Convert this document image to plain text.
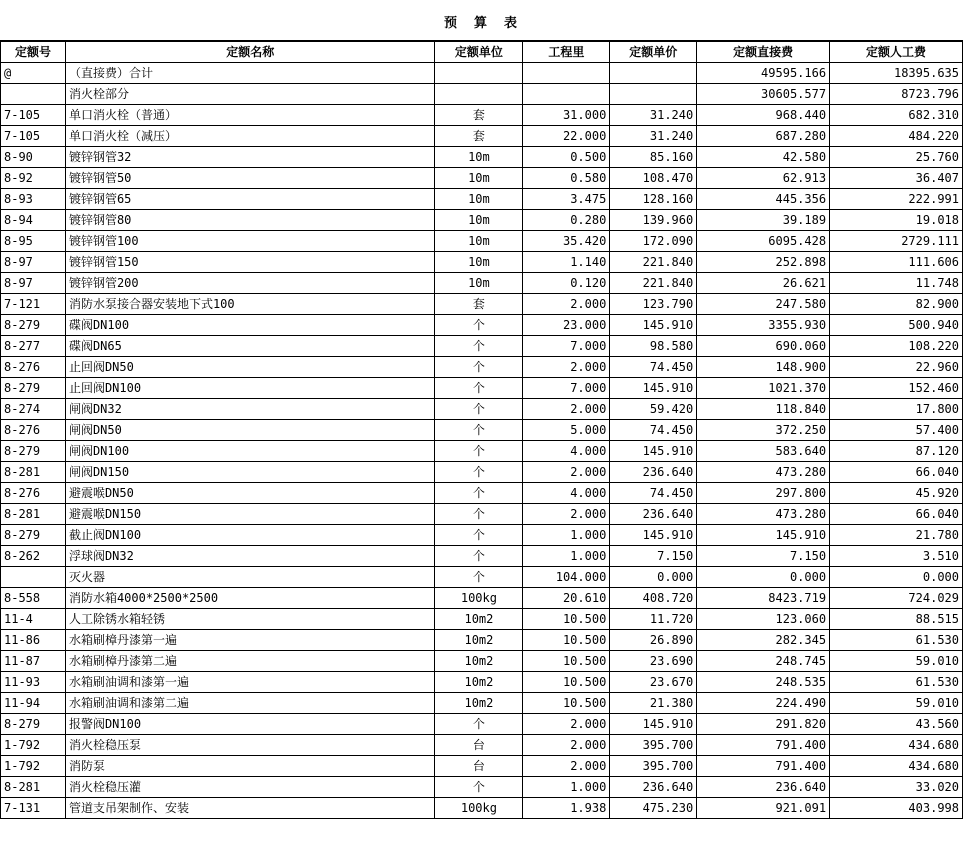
预　算　表
定额号	定额名称	定额单位	工程里	定额单价	定额直接费	定额人工费
@	（直接费）合计				49595.166	18395.635
	消火栓部分				30605.577	8723.796
7-105	单口消火栓（普通）	套	31.000	31.240	968.440	682.310
7-105	单口消火栓（减压）	套	22.000	31.240	687.280	484.220
8-90	镀锌钢管32	10m	0.500	85.160	42.580	25.760
8-92	镀锌钢管50	10m	0.580	108.470	62.913	36.407
8-93	镀锌钢管65	10m	3.475	128.160	445.356	222.991
8-94	镀锌钢管80	10m	0.280	139.960	39.189	19.018
8-95	镀锌钢管100	10m	35.420	172.090	6095.428	2729.111
8-97	镀锌钢管150	10m	1.140	221.840	252.898	111.606
8-97	镀锌钢管200	10m	0.120	221.840	26.621	11.748
7-121	消防水泵接合器安装地下式100	套	2.000	123.790	247.580	82.900
8-279	碟阀DN100	个	23.000	145.910	3355.930	500.940
8-277	碟阀DN65	个	7.000	98.580	690.060	108.220
8-276	止回阀DN50	个	2.000	74.450	148.900	22.960
8-279	止回阀DN100	个	7.000	145.910	1021.370	152.460
8-274	闸阀DN32	个	2.000	59.420	118.840	17.800
8-276	闸阀DN50	个	5.000	74.450	372.250	57.400
8-279	闸阀DN100	个	4.000	145.910	583.640	87.120
8-281	闸阀DN150	个	2.000	236.640	473.280	66.040
8-276	避震喉DN50	个	4.000	74.450	297.800	45.920
8-281	避震喉DN150	个	2.000	236.640	473.280	66.040
8-279	截止阀DN100	个	1.000	145.910	145.910	21.780
8-262	浮球阀DN32	个	1.000	7.150	7.150	3.510
	灭火器	个	104.000	0.000	0.000	0.000
8-558	消防水箱4000*2500*2500	100kg	20.610	408.720	8423.719	724.029
11-4	人工除锈水箱轻锈	10m2	10.500	11.720	123.060	88.515
11-86	水箱刷樟丹漆第一遍	10m2	10.500	26.890	282.345	61.530
11-87	水箱刷樟丹漆第二遍	10m2	10.500	23.690	248.745	59.010
11-93	水箱刷油调和漆第一遍	10m2	10.500	23.670	248.535	61.530
11-94	水箱刷油调和漆第二遍	10m2	10.500	21.380	224.490	59.010
8-279	报警阀DN100	个	2.000	145.910	291.820	43.560
1-792	消火栓稳压泵	台	2.000	395.700	791.400	434.680
1-792	消防泵	台	2.000	395.700	791.400	434.680
8-281	消火栓稳压灌	个	1.000	236.640	236.640	33.020
7-131	管道支吊架制作、安装	100kg	1.938	475.230	921.091	403.998
